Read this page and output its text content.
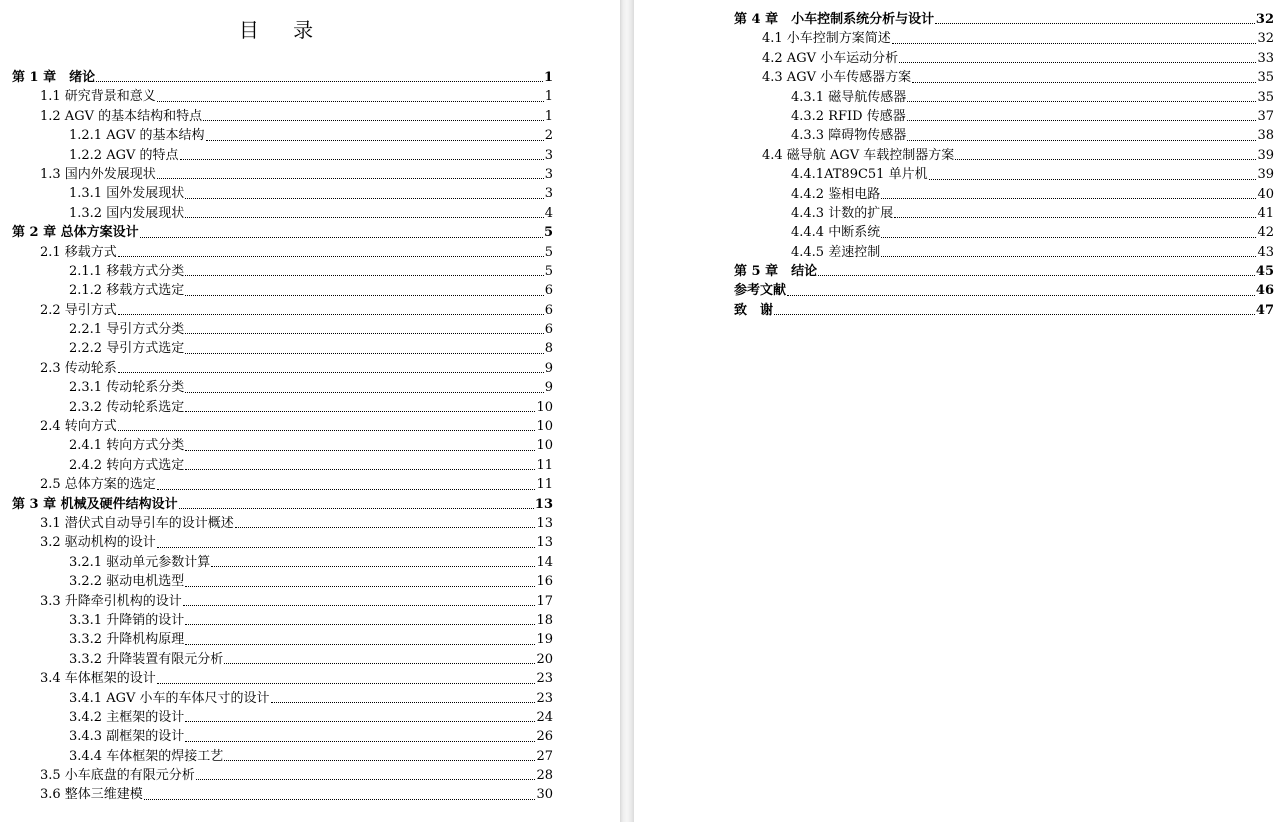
目 录
第 1 章　绪论	1
1.1 研究背景和意义	1
1.2 AGV 的基本结构和特点	1
1.2.1 AGV 的基本结构	2
1.2.2 AGV 的特点	3
1.3 国内外发展现状	3
1.3.1 国外发展现状	3
1.3.2 国内发展现状	4
第 2 章 总体方案设计	5
2.1 移载方式	5
2.1.1 移载方式分类	5
2.1.2 移载方式选定	6
2.2 导引方式	6
2.2.1 导引方式分类	6
2.2.2 导引方式选定	8
2.3 传动轮系	9
2.3.1 传动轮系分类	9
2.3.2 传动轮系选定	10
2.4 转向方式	10
2.4.1 转向方式分类	10
2.4.2 转向方式选定	11
2.5 总体方案的选定	11
第 3 章 机械及硬件结构设计	13
3.1 潜伏式自动导引车的设计概述	13
3.2 驱动机构的设计	13
3.2.1 驱动单元参数计算	14
3.2.2 驱动电机选型	16
3.3 升降牵引机构的设计	17
3.3.1 升降销的设计	18
3.3.2 升降机构原理	19
3.3.2 升降装置有限元分析	20
3.4 车体框架的设计	23
3.4.1 AGV 小车的车体尺寸的设计	23
3.4.2 主框架的设计	24
3.4.3 副框架的设计	26
3.4.4 车体框架的焊接工艺	27
3.5 小车底盘的有限元分析	28
3.6 整体三维建模	30
第 4 章　小车控制系统分析与设计	32
4.1 小车控制方案简述	32
4.2 AGV 小车运动分析	33
4.3 AGV 小车传感器方案	35
4.3.1 磁导航传感器	35
4.3.2 RFID 传感器	37
4.3.3 障碍物传感器	38
4.4 磁导航 AGV 车载控制器方案	39
4.4.1AT89C51 单片机	39
4.4.2 鉴相电路	40
4.4.3 计数的扩展	41
4.4.4 中断系统	42
4.4.5 差速控制	43
第 5 章　结论	45
参考文献	46
致　谢	47
